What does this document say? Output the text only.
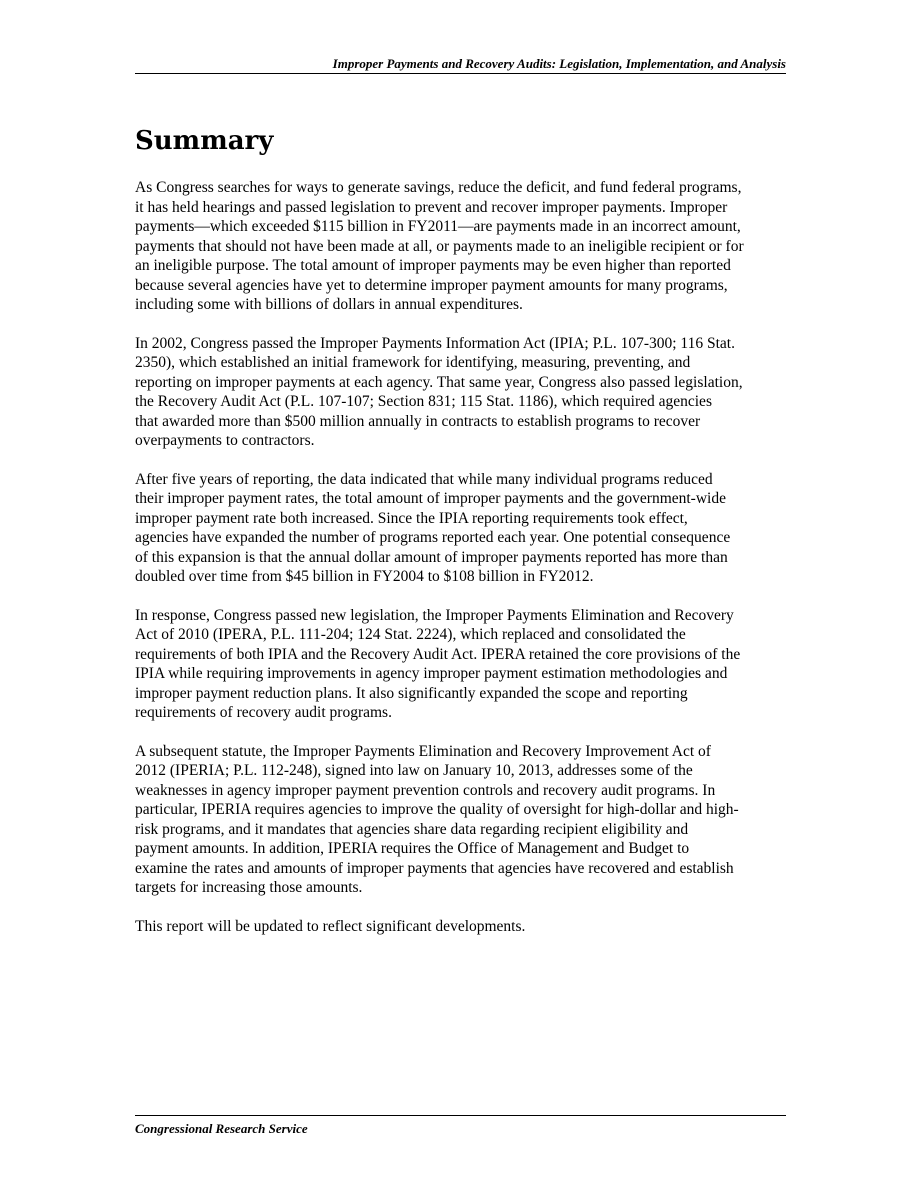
Improper Payments and Recovery Audits: Legislation, Implementation, and Analysis
Summary

As Congress searches for ways to generate savings, reduce the deficit, and fund federal programs,
it has held hearings and passed legislation to prevent and recover improper payments. Improper
payments—which exceeded $115 billion in FY2011—are payments made in an incorrect amount,
payments that should not have been made at all, or payments made to an ineligible recipient or for
an ineligible purpose. The total amount of improper payments may be even higher than reported
because several agencies have yet to determine improper payment amounts for many programs,
including some with billions of dollars in annual expenditures.

In 2002, Congress passed the Improper Payments Information Act (IPIA; P.L. 107-300; 116 Stat.
2350), which established an initial framework for identifying, measuring, preventing, and
reporting on improper payments at each agency. That same year, Congress also passed legislation,
the Recovery Audit Act (P.L. 107-107; Section 831; 115 Stat. 1186), which required agencies
that awarded more than $500 million annually in contracts to establish programs to recover
overpayments to contractors.

After five years of reporting, the data indicated that while many individual programs reduced
their improper payment rates, the total amount of improper payments and the government-wide
improper payment rate both increased. Since the IPIA reporting requirements took effect,
agencies have expanded the number of programs reported each year. One potential consequence
of this expansion is that the annual dollar amount of improper payments reported has more than
doubled over time from $45 billion in FY2004 to $108 billion in FY2012.

In response, Congress passed new legislation, the Improper Payments Elimination and Recovery
Act of 2010 (IPERA, P.L. 111-204; 124 Stat. 2224), which replaced and consolidated the
requirements of both IPIA and the Recovery Audit Act. IPERA retained the core provisions of the
IPIA while requiring improvements in agency improper payment estimation methodologies and
improper payment reduction plans. It also significantly expanded the scope and reporting
requirements of recovery audit programs.

A subsequent statute, the Improper Payments Elimination and Recovery Improvement Act of
2012 (IPERIA; P.L. 112-248), signed into law on January 10, 2013, addresses some of the
weaknesses in agency improper payment prevention controls and recovery audit programs. In
particular, IPERIA requires agencies to improve the quality of oversight for high-dollar and high-
risk programs, and it mandates that agencies share data regarding recipient eligibility and
payment amounts. In addition, IPERIA requires the Office of Management and Budget to
examine the rates and amounts of improper payments that agencies have recovered and establish
targets for increasing those amounts.

This report will be updated to reflect significant developments.

Congressional Research Service
